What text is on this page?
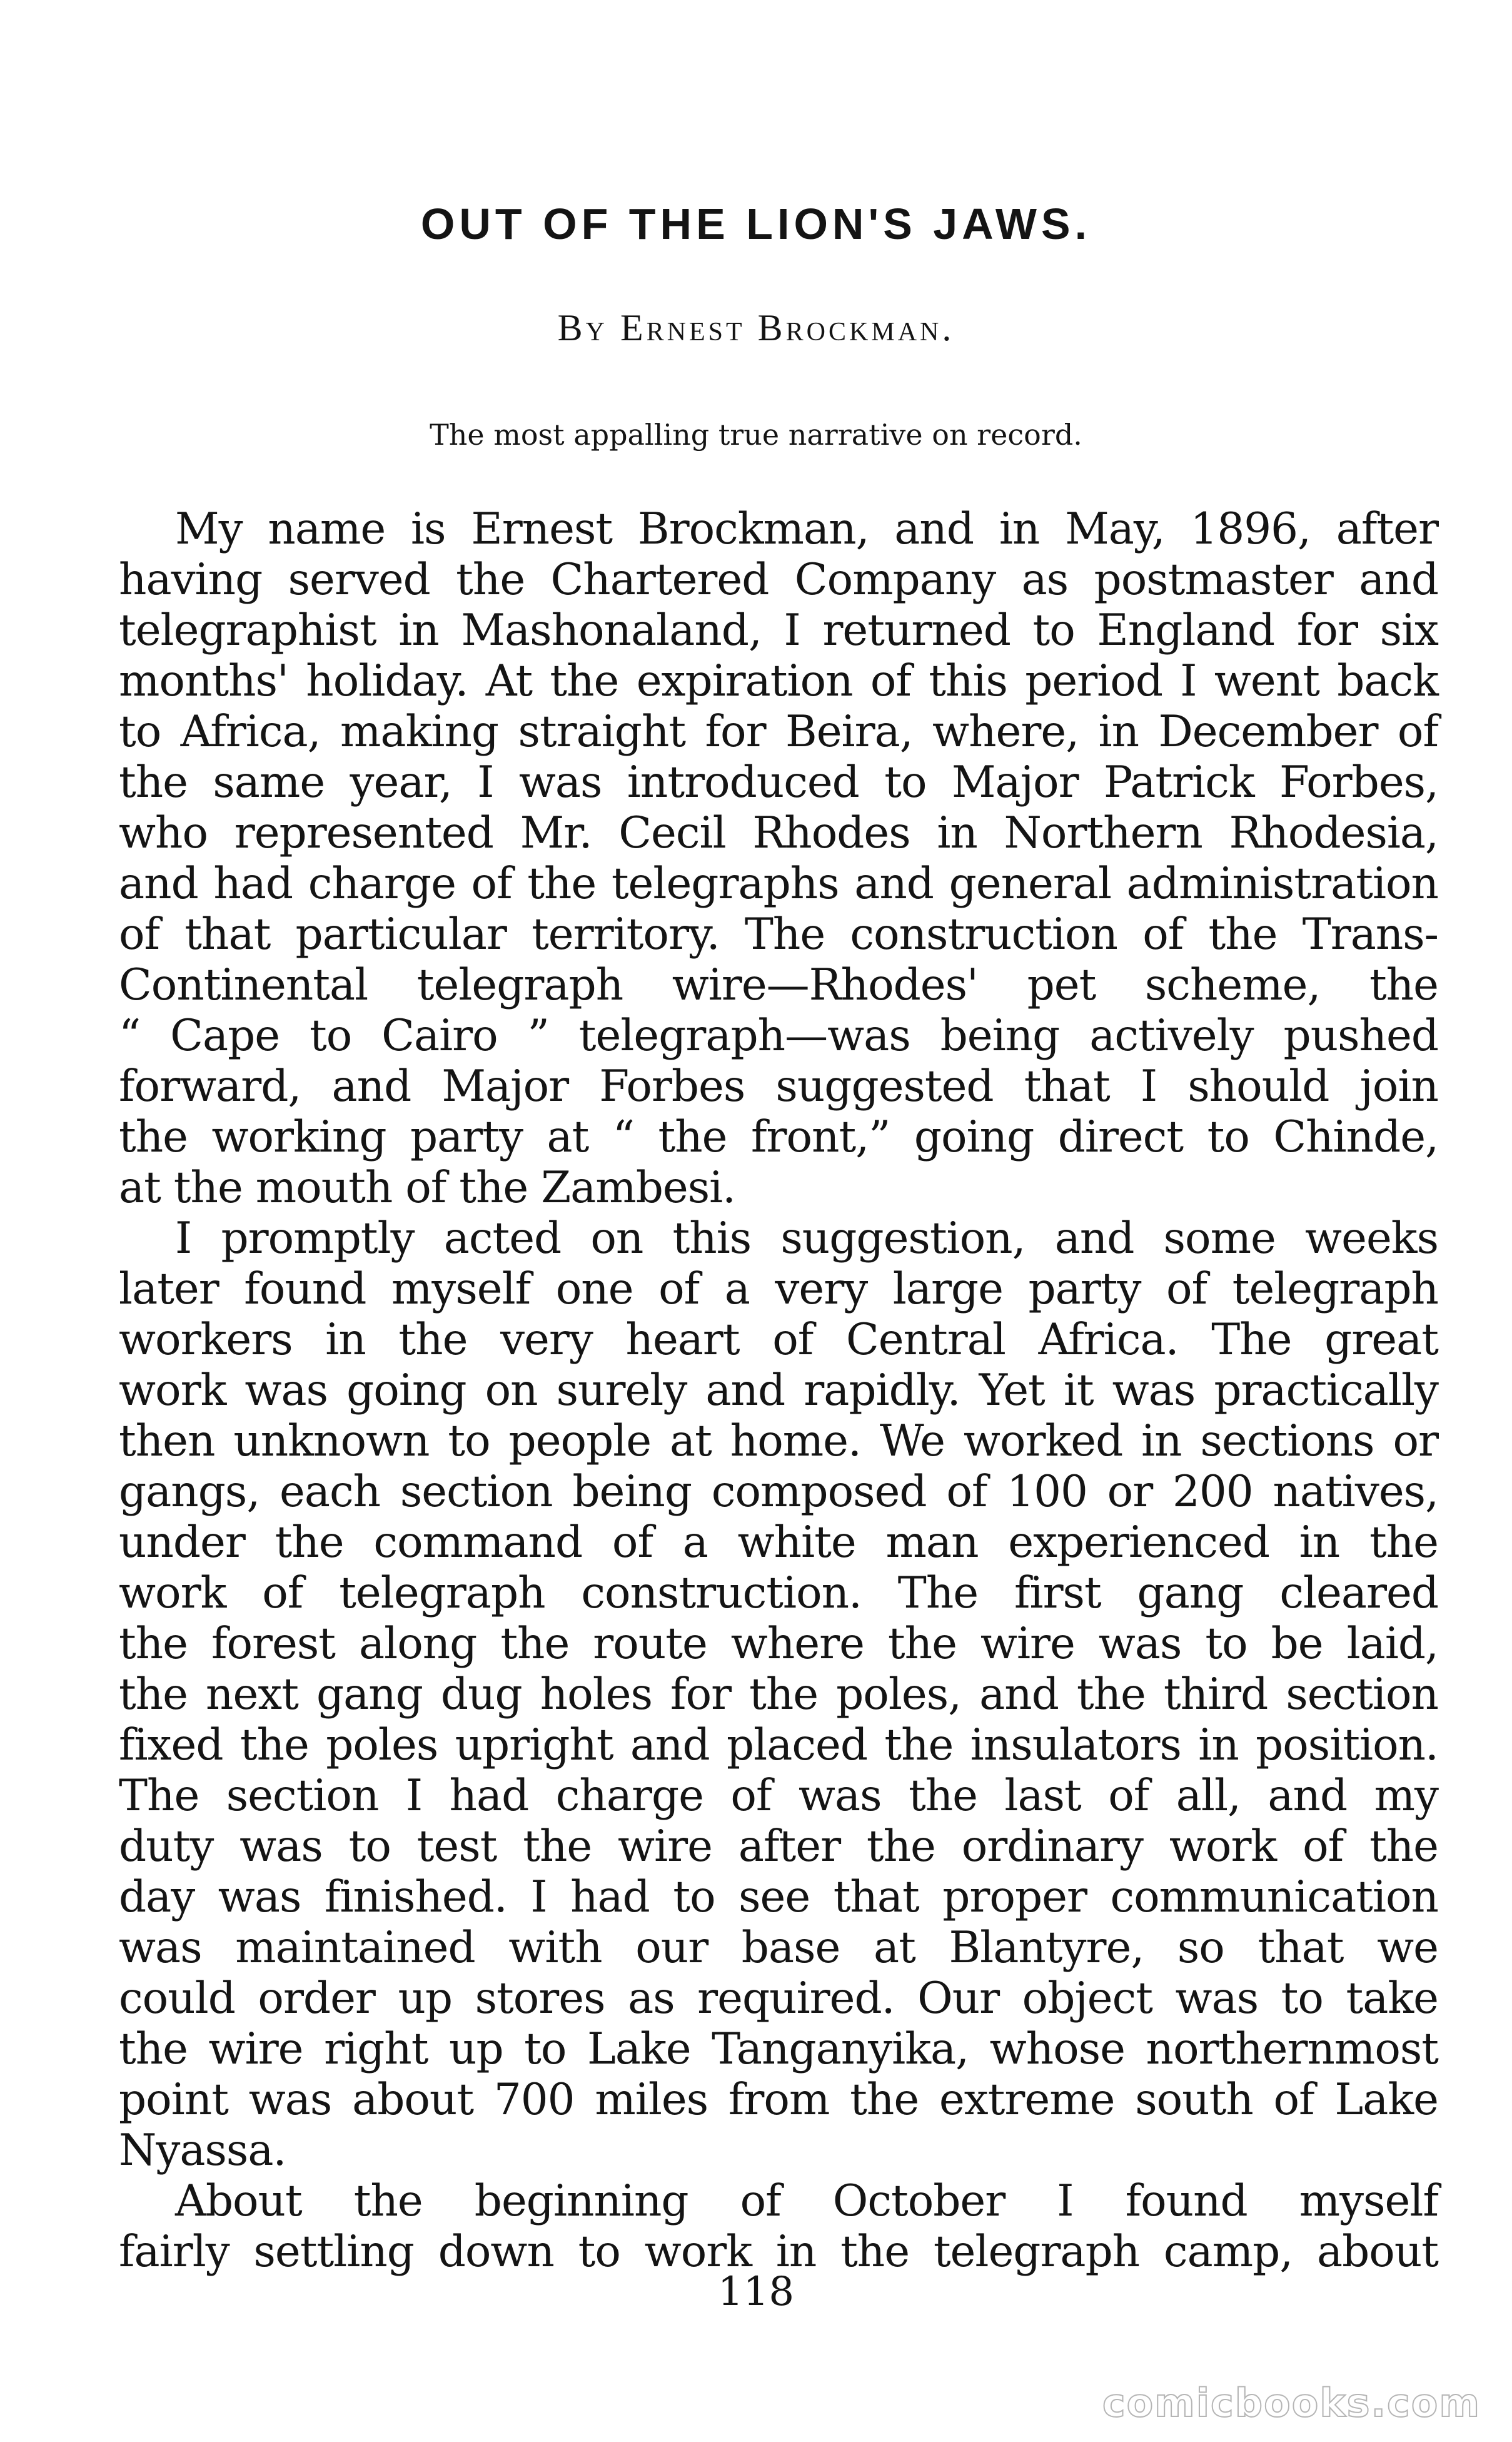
OUT OF THE LION'S JAWS.

By Ernest Brockman.

The most appalling true narrative on record.

My name is Ernest Brockman, and in May, 1896, after
having served the Chartered Company as postmaster and
telegraphist in Mashonaland, I returned to England for six
months' holiday. At the expiration of this period I went back
to Africa, making straight for Beira, where, in December of
the same year, I was introduced to Major Patrick Forbes,
who represented Mr. Cecil Rhodes in Northern Rhodesia,
and had charge of the telegraphs and general administration
of that particular territory. The construction of the Trans-
Continental telegraph wire—Rhodes' pet scheme, the
“ Cape to Cairo ” telegraph—was being actively pushed
forward, and Major Forbes suggested that I should join
the working party at “ the front,” going direct to Chinde,
at the mouth of the Zambesi.
I promptly acted on this suggestion, and some weeks
later found myself one of a very large party of telegraph
workers in the very heart of Central Africa. The great
work was going on surely and rapidly. Yet it was practically
then unknown to people at home. We worked in sections or
gangs, each section being composed of 100 or 200 natives,
under the command of a white man experienced in the
work of telegraph construction. The first gang cleared
the forest along the route where the wire was to be laid,
the next gang dug holes for the poles, and the third section
fixed the poles upright and placed the insulators in position.
The section I had charge of was the last of all, and my
duty was to test the wire after the ordinary work of the
day was finished. I had to see that proper communication
was maintained with our base at Blantyre, so that we
could order up stores as required. Our object was to take
the wire right up to Lake Tanganyika, whose northernmost
point was about 700 miles from the extreme south of Lake
Nyassa.
About the beginning of October I found myself
fairly settling down to work in the telegraph camp, about

118

comicbooks.com
